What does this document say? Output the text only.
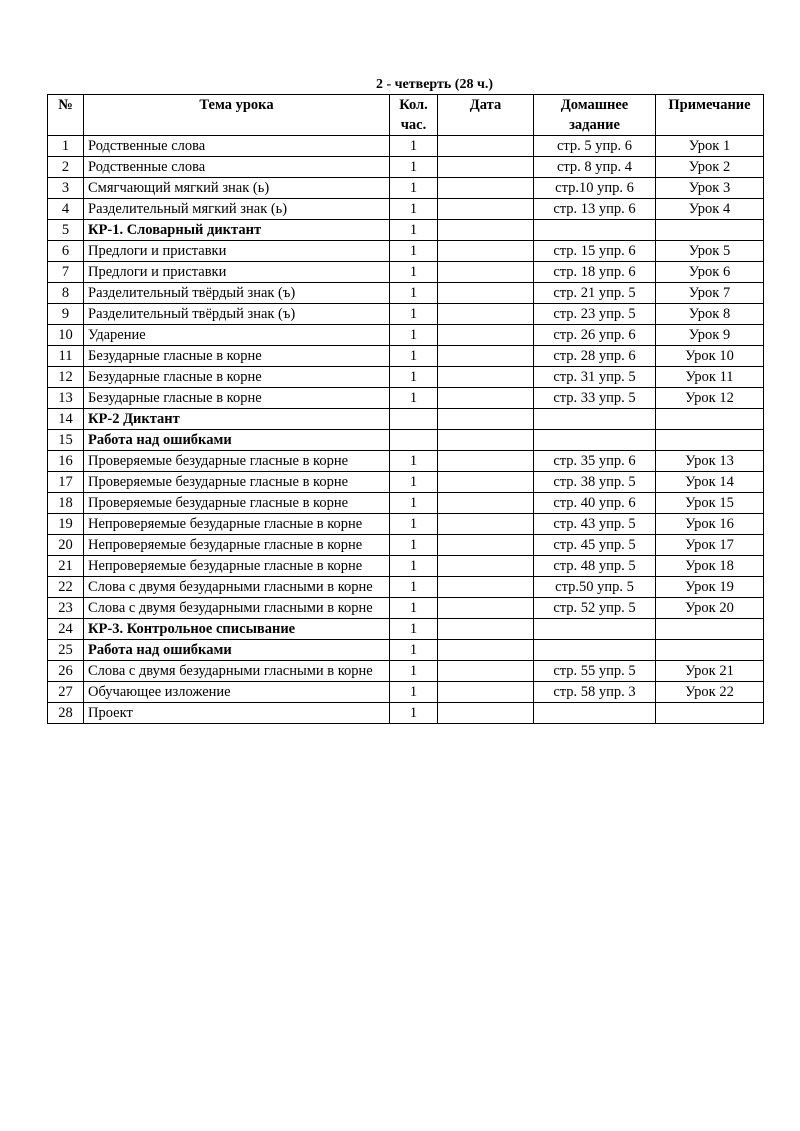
2 - четверть (28 ч.)
№	Тема урока	Кол. час.	Дата	Домашнее задание	Примечание
1	Родственные слова	1		стр. 5 упр. 6	Урок 1
2	Родственные слова	1		стр. 8 упр. 4	Урок 2
3	Смягчающий мягкий знак (ь)	1		стр.10 упр. 6	Урок 3
4	Разделительный мягкий знак (ь)	1		стр. 13 упр. 6	Урок 4
5	КР-1. Словарный диктант	1			
6	Предлоги и приставки	1		стр. 15 упр. 6	Урок 5
7	Предлоги и приставки	1		стр. 18 упр. 6	Урок 6
8	Разделительный твёрдый знак (ъ)	1		стр. 21 упр. 5	Урок 7
9	Разделительный твёрдый знак (ъ)	1		стр. 23 упр. 5	Урок 8
10	Ударение	1		стр. 26 упр. 6	Урок 9
11	Безударные гласные в корне	1		стр. 28 упр. 6	Урок 10
12	Безударные гласные в корне	1		стр. 31 упр. 5	Урок 11
13	Безударные гласные в корне	1		стр. 33 упр. 5	Урок 12
14	КР-2 Диктант				
15	Работа над ошибками				
16	Проверяемые безударные гласные в корне	1		стр. 35 упр. 6	Урок 13
17	Проверяемые безударные гласные в корне	1		стр. 38 упр. 5	Урок 14
18	Проверяемые безударные гласные в корне	1		стр. 40 упр. 6	Урок 15
19	Непроверяемые безударные гласные в корне	1		стр. 43 упр. 5	Урок 16
20	Непроверяемые безударные гласные в корне	1		стр. 45 упр. 5	Урок 17
21	Непроверяемые безударные гласные в корне	1		стр. 48 упр. 5	Урок 18
22	Слова с двумя безударными гласными в корне	1		стр.50 упр. 5	Урок 19
23	Слова с двумя безударными гласными в корне	1		стр. 52 упр. 5	Урок 20
24	КР-3. Контрольное списывание	1			
25	Работа над ошибками	1			
26	Слова с двумя безударными гласными в корне	1		стр. 55 упр. 5	Урок 21
27	Обучающее изложение	1		стр. 58 упр. 3	Урок 22
28	Проект	1			
